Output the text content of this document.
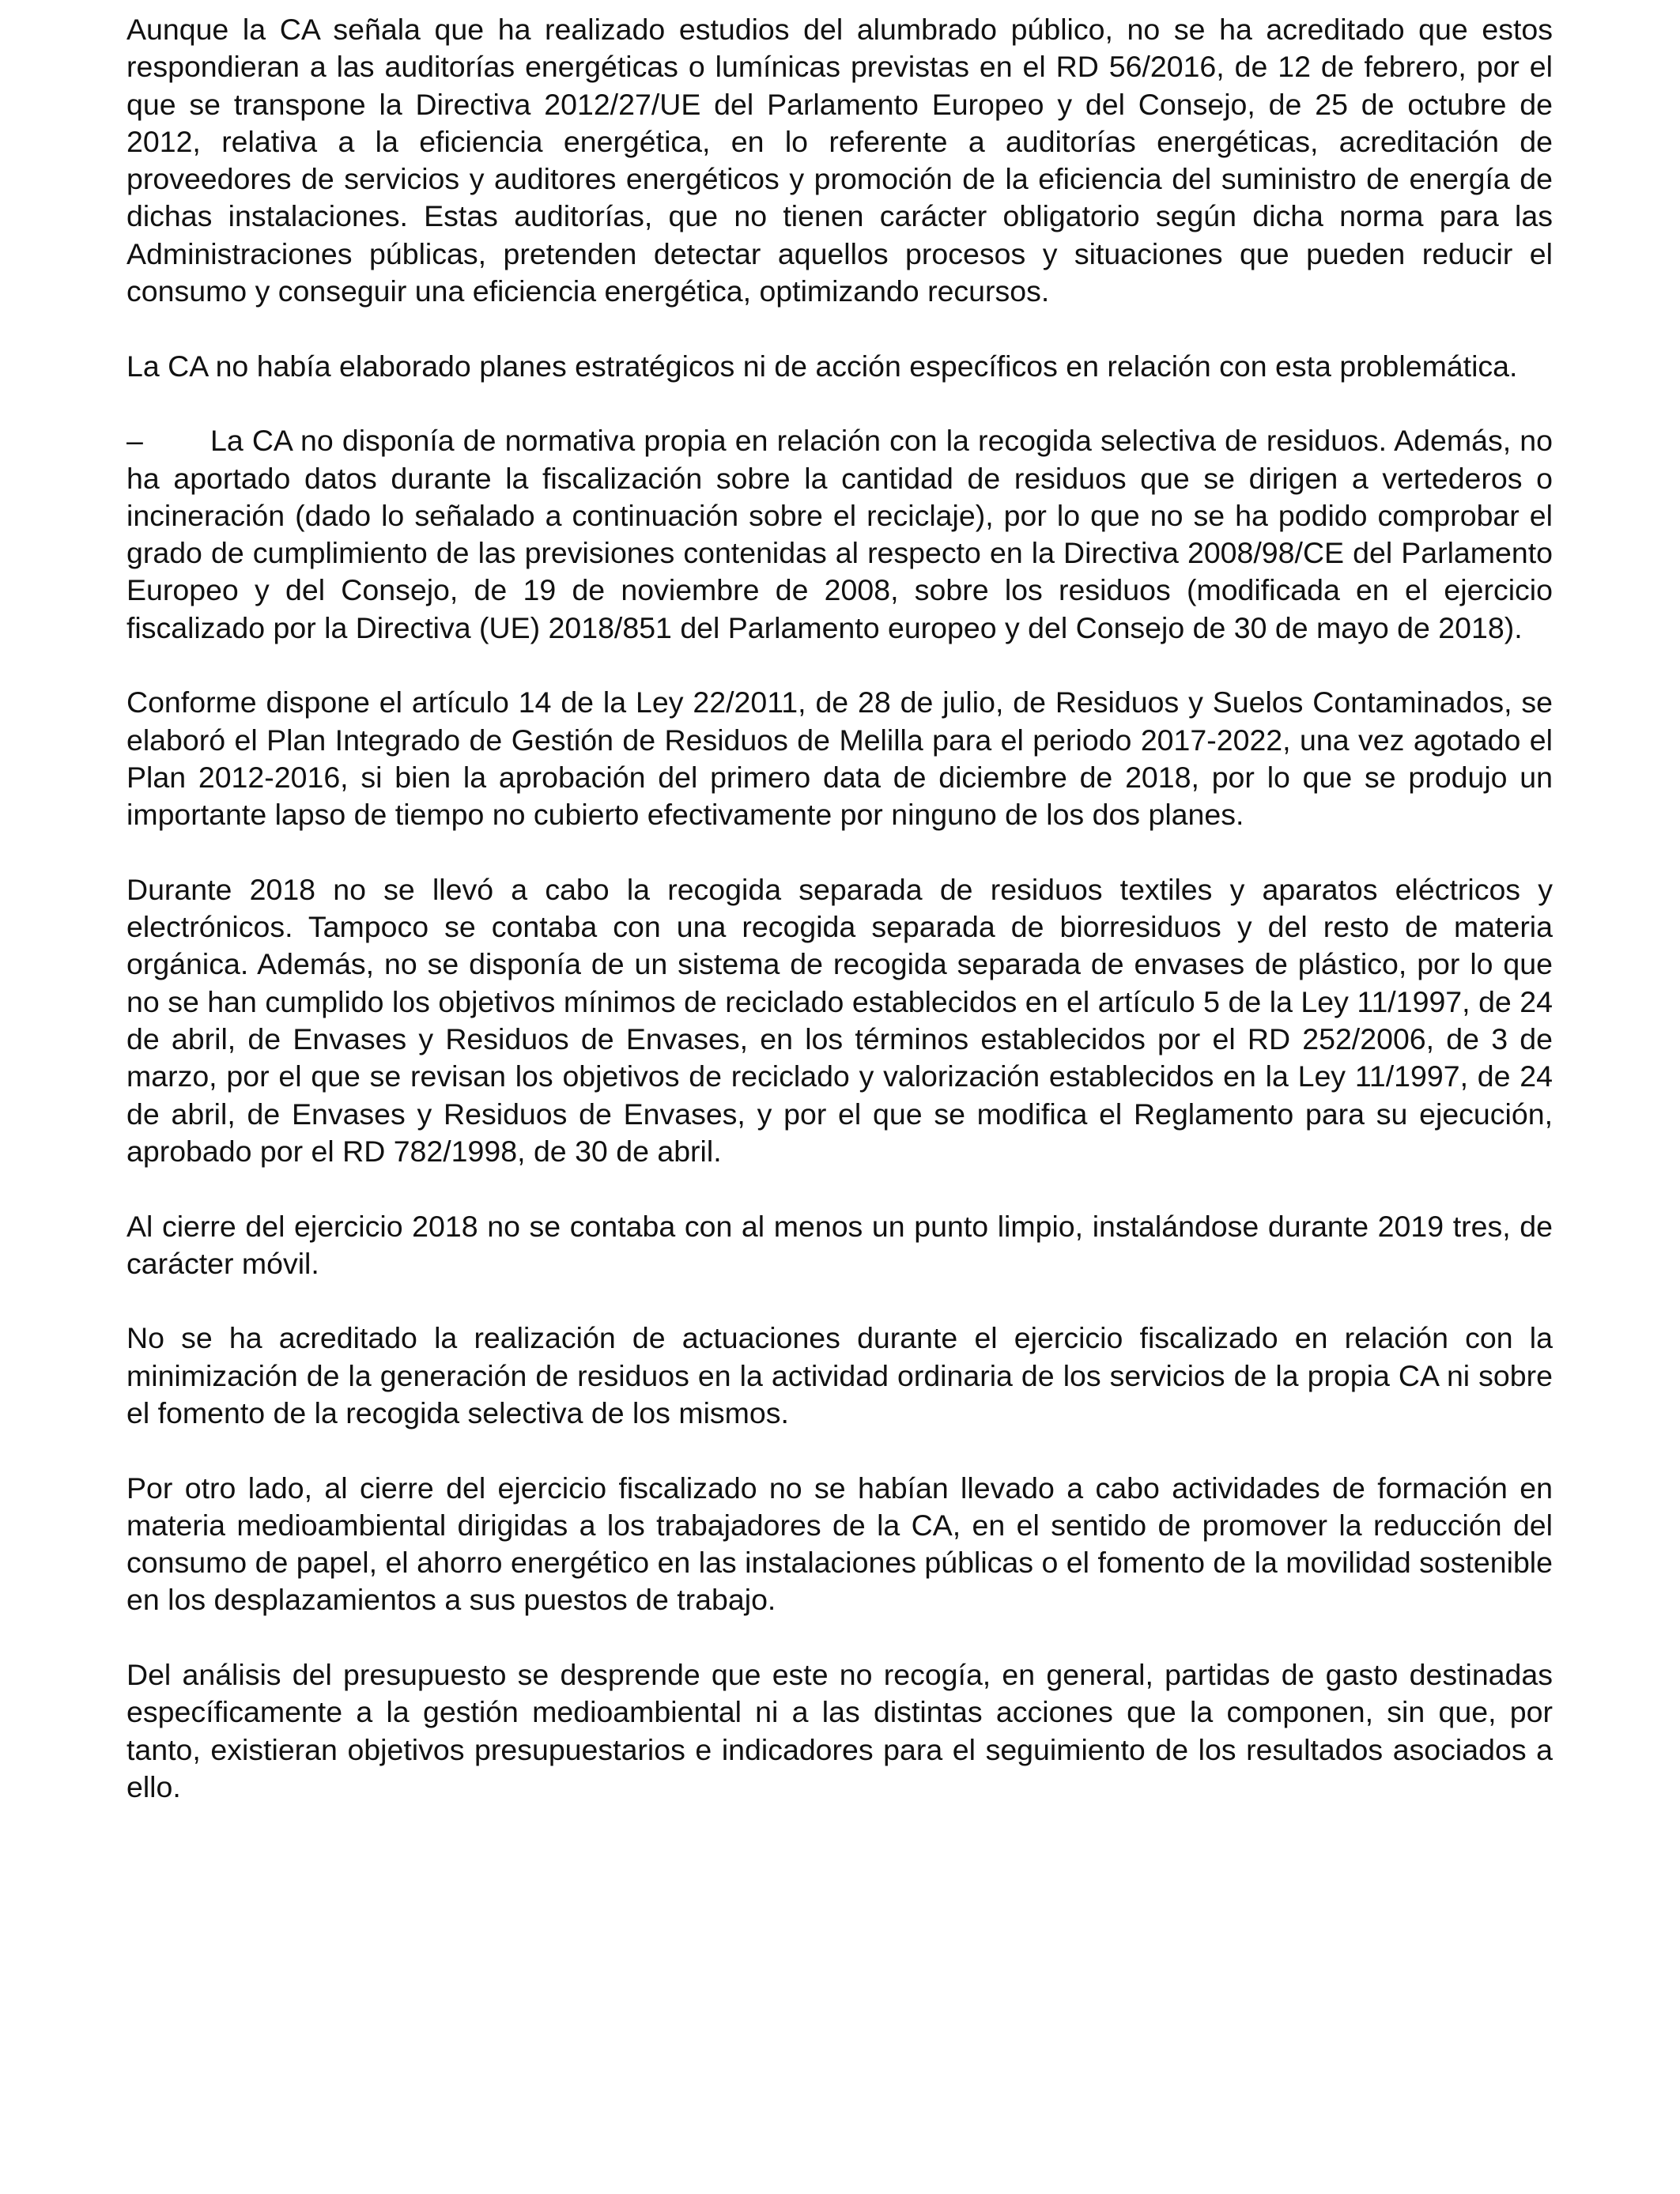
Aunque la CA señala que ha realizado estudios del alumbrado público, no se ha acreditado que estos respondieran a las auditorías energéticas o lumínicas previstas en el RD 56/2016, de 12 de febrero, por el que se transpone la Directiva 2012/27/UE del Parlamento Europeo y del Consejo, de 25 de octubre de 2012, relativa a la eficiencia energética, en lo referente a auditorías energéticas, acreditación de proveedores de servicios y auditores energéticos y promoción de la eficiencia del suministro de energía de dichas instalaciones. Estas auditorías, que no tienen carácter obligatorio según dicha norma para las Administraciones públicas, pretenden detectar aquellos procesos y situaciones que pueden reducir el consumo y conseguir una eficiencia energética, optimizando recursos.

La CA no había elaborado planes estratégicos ni de acción específicos en relación con esta problemática.

– La CA no disponía de normativa propia en relación con la recogida selectiva de residuos. Además, no ha aportado datos durante la fiscalización sobre la cantidad de residuos que se dirigen a vertederos o incineración (dado lo señalado a continuación sobre el reciclaje), por lo que no se ha podido comprobar el grado de cumplimiento de las previsiones contenidas al respecto en la Directiva 2008/98/CE del Parlamento Europeo y del Consejo, de 19 de noviembre de 2008, sobre los residuos (modificada en el ejercicio fiscalizado por la Directiva (UE) 2018/851 del Parlamento europeo y del Consejo de 30 de mayo de 2018).

Conforme dispone el artículo 14 de la Ley 22/2011, de 28 de julio, de Residuos y Suelos Contaminados, se elaboró el Plan Integrado de Gestión de Residuos de Melilla para el periodo 2017-2022, una vez agotado el Plan 2012-2016, si bien la aprobación del primero data de diciembre de 2018, por lo que se produjo un importante lapso de tiempo no cubierto efectivamente por ninguno de los dos planes.

Durante 2018 no se llevó a cabo la recogida separada de residuos textiles y aparatos eléctricos y electrónicos. Tampoco se contaba con una recogida separada de biorresiduos y del resto de materia orgánica. Además, no se disponía de un sistema de recogida separada de envases de plástico, por lo que no se han cumplido los objetivos mínimos de reciclado establecidos en el artículo 5 de la Ley 11/1997, de 24 de abril, de Envases y Residuos de Envases, en los términos establecidos por el RD 252/2006, de 3 de marzo, por el que se revisan los objetivos de reciclado y valorización establecidos en la Ley 11/1997, de 24 de abril, de Envases y Residuos de Envases, y por el que se modifica el Reglamento para su ejecución, aprobado por el RD 782/1998, de 30 de abril.

Al cierre del ejercicio 2018 no se contaba con al menos un punto limpio, instalándose durante 2019 tres, de carácter móvil.

No se ha acreditado la realización de actuaciones durante el ejercicio fiscalizado en relación con la minimización de la generación de residuos en la actividad ordinaria de los servicios de la propia CA ni sobre el fomento de la recogida selectiva de los mismos.

Por otro lado, al cierre del ejercicio fiscalizado no se habían llevado a cabo actividades de formación en materia medioambiental dirigidas a los trabajadores de la CA, en el sentido de promover la reducción del consumo de papel, el ahorro energético en las instalaciones públicas o el fomento de la movilidad sostenible en los desplazamientos a sus puestos de trabajo.

Del análisis del presupuesto se desprende que este no recogía, en general, partidas de gasto destinadas específicamente a la gestión medioambiental ni a las distintas acciones que la componen, sin que, por tanto, existieran objetivos presupuestarios e indicadores para el seguimiento de los resultados asociados a ello.
